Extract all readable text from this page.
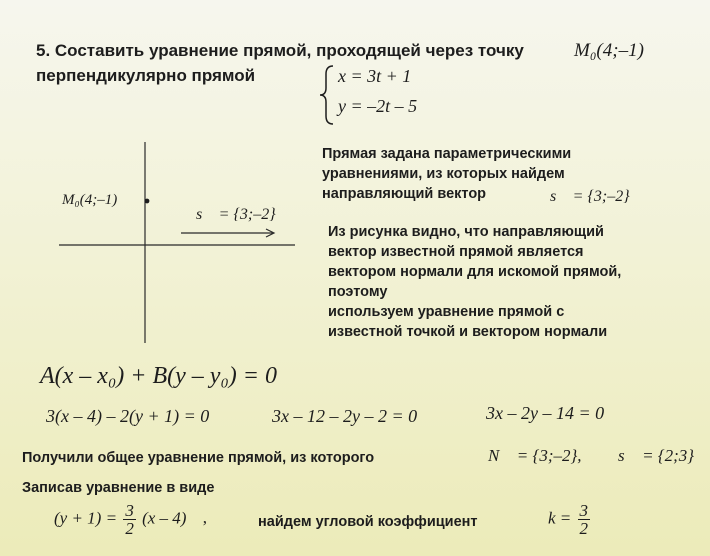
5. Составить уравнение прямой, проходящей через точку	M₀(4;–1)
перпендикулярно прямой	x = 3t + 1
y = –2t – 5
M₀(4;–1)
s⃗ = {3;–2}
Прямая задана параметрическими
уравнениями, из которых найдем
направляющий вектор	s⃗ = {3;–2}
Из рисунка видно, что направляющий
вектор известной прямой является
вектором нормали для искомой прямой,
поэтому
используем уравнение прямой с
известной точкой и вектором нормали
A(x – x₀) + B(y – y₀) = 0
3(x – 4) – 2(y + 1) = 0	3x – 12 – 2y – 2 = 0	3x – 2y – 14 = 0
Получили общее уравнение прямой, из которого	N⃗ = {3;–2}, s⃗ = {2;3}
Записав уравнение в виде
$(y + 1) = \frac{3}{2} (x - 4)$ ,	найдем угловой коэффициент	$k = \frac{3}{2}$
